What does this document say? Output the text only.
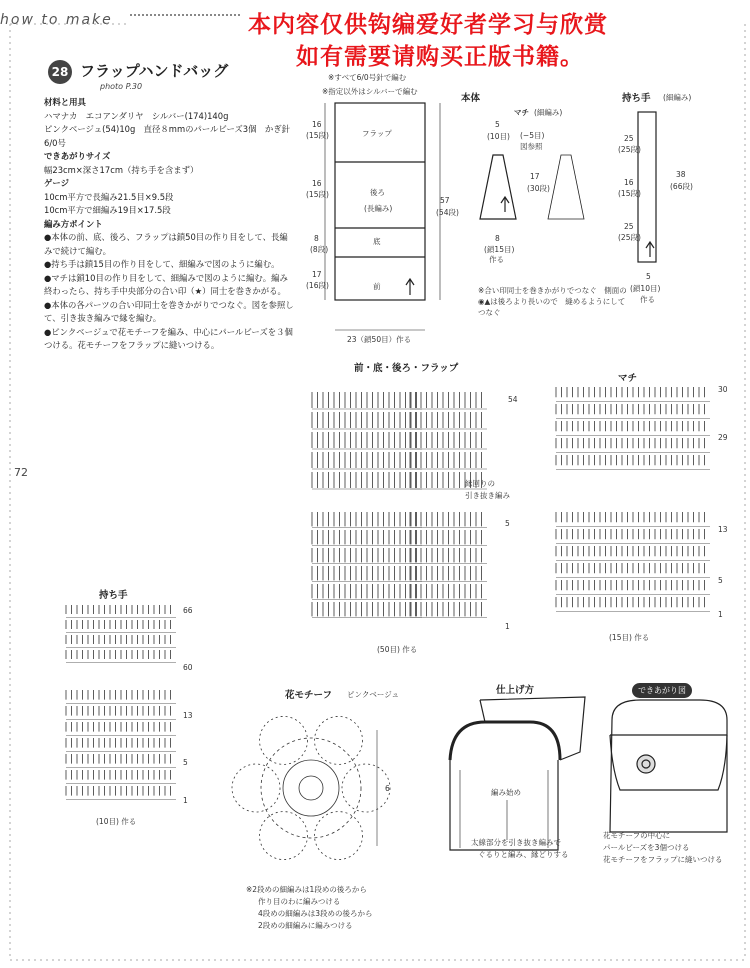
how to make	本内容仅供钩编爱好者学习与欣赏
如有需要请购买正版书籍。
28 フラップハンドバッグ
photo P.30
材料と用具
ハマナカ　エコアンダリヤ　シルバー(174)140g
ピンクベージュ(54)10g　直径８mmのパールビーズ3個　かぎ針6/0号
できあがりサイズ
幅23cm×深さ17cm（持ち手を含まず）
ゲージ
10cm平方で長編み21.5目×9.5段
10cm平方で細編み19目×17.5段
編み方ポイント
●本体の前、底、後ろ、フラップは鎖50目の作り目をして、長編みで続けて編む。
●持ち手は鎖15目の作り目をして、細編みで図のように編む。
●マチは鎖10目の作り目をして、細編みで図のように編む。編み終わったら、持ち手中央部分の合い印（★）同士を巻きかがる。
●本体の各パーツの合い印同士を巻きかがりでつなぐ。図を参照して、引き抜き編みで縁を編む。
●ピンクベージュで花モチーフを編み、中心にパールビーズを３個つける。花モチーフをフラップに縫いつける。
72
※すべて6/0号針で編む
※指定以外はシルバーで編む
本体
フラップ
後ろ
(長編み)
底
前
16
(15段)
16
(15段)
8
(8段)
17
(16段)
57
(54段)
23（鎖50目）作る
マチ (細編み)
5
(10目) (−5目)
図参照
17
(30段)
8
(鎖15目)
作る
※合い印同士を巻きかがりでつなぐ　側面の◉▲は後ろより長いので　縫めるようにしてつなぐ
持ち手 (細編み)
25
(25段)
16
(15段)
25
(25段)
38
(66段)
5
(鎖10目)
作る
前・底・後ろ・フラップ
54
5
1
(50目) 作る
縁回りの
引き抜き編み
マチ
30
29
13
5
1
(15目) 作る
持ち手
66
60
13
5
1
(10目) 作る
花モチーフ ピンクベージュ
6
※2段めの細編みは1段めの後ろから
作り目のわに編みつける
4段めの細編みは3段めの後ろから
2段めの細編みに編みつける
仕上げ方
編み始め
太線部分を引き抜き編みで
ぐるりと編み、縁どりする
できあがり図
花モチーフの中心に
パールビーズを3個つける
花モチーフをフラップに縫いつける
